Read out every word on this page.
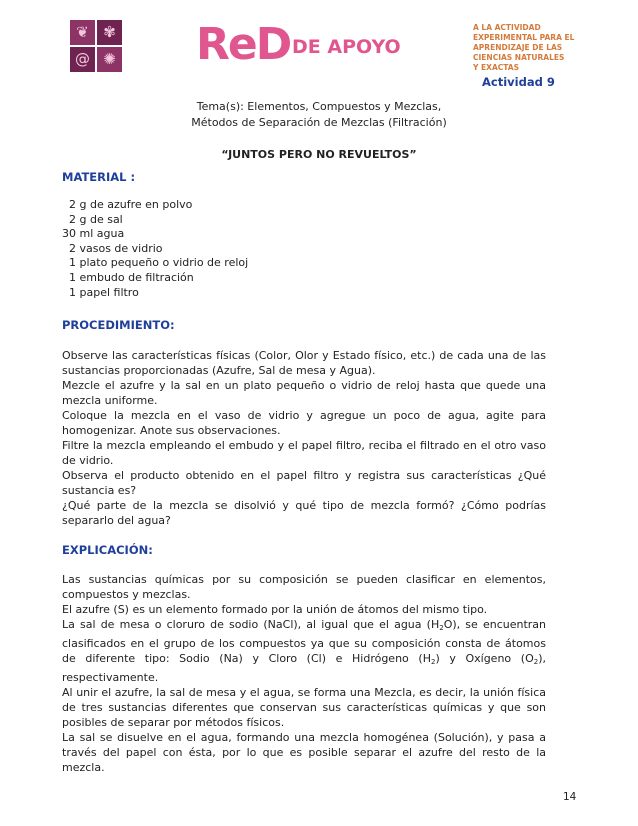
❦ ✾
@ ✺ ReD DE APOYO
A LA ACTIVIDAD
EXPERIMENTAL PARA EL
APRENDIZAJE DE LAS
CIENCIAS NATURALES
Y EXACTAS
Actividad 9
Tema(s): Elementos, Compuestos y Mezclas,
Métodos de Separación de Mezclas (Filtración)
“JUNTOS PERO NO REVUELTOS”
MATERIAL :
2 g de azufre en polvo
2 g de sal
30 ml agua
2 vasos de vidrio
1 plato pequeño o vidrio de reloj
1 embudo de filtración
1 papel filtro
PROCEDIMIENTO:

Observe las características físicas (Color, Olor y Estado físico, etc.) de cada una de las sustancias proporcionadas (Azufre, Sal de mesa y Agua).

Mezcle el azufre y la sal en un plato pequeño o vidrio de reloj hasta que quede una mezcla uniforme.

Coloque la mezcla en el vaso de vidrio y agregue un poco de agua, agite para homogenizar. Anote sus observaciones.

Filtre la mezcla empleando el embudo y el papel filtro, reciba el filtrado en el otro vaso de vidrio.

Observa el producto obtenido en el papel filtro y registra sus características ¿Qué sustancia es?

¿Qué parte de la mezcla se disolvió y qué tipo de mezcla formó? ¿Cómo podrías separarlo del agua?

EXPLICACIÓN:

Las sustancias químicas por su composición se pueden clasificar en elementos, compuestos y mezclas.

El azufre (S) es un elemento formado por la unión de átomos del mismo tipo.

La sal de mesa o cloruro de sodio (NaCl), al igual que el agua $(H_2O)$, se encuentran clasificados en el grupo de los compuestos ya que su composición consta de átomos de diferente tipo: Sodio (Na) y Cloro (Cl) e Hidrógeno $(H_2)$ y Oxígeno $(O_2)$, respectivamente.

Al unir el azufre, la sal de mesa y el agua, se forma una Mezcla, es decir, la unión física de tres sustancias diferentes que conservan sus características químicas y que son posibles de separar por métodos físicos.

La sal se disuelve en el agua, formando una mezcla homogénea (Solución), y pasa a través del papel con ésta, por lo que es posible separar el azufre del resto de la mezcla.

14
